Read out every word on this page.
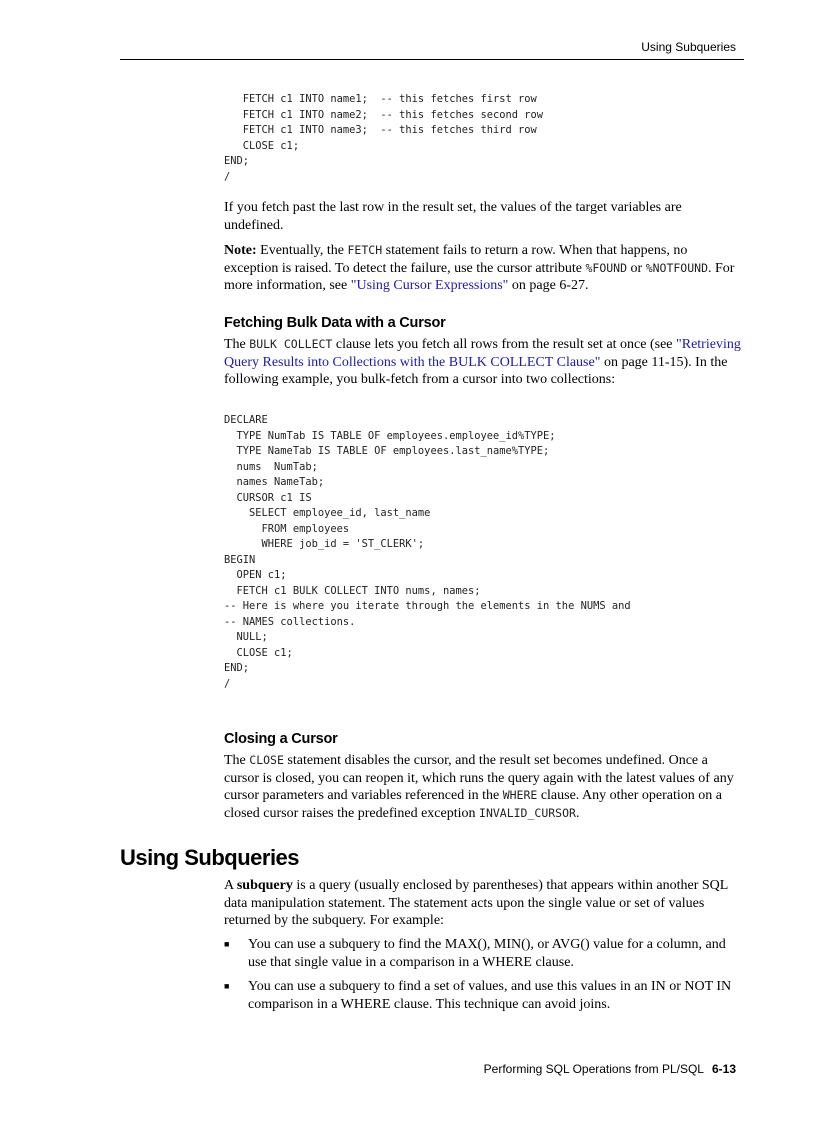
Using Subqueries
FETCH c1 INTO name1;  -- this fetches first row
FETCH c1 INTO name2;  -- this fetches second row
FETCH c1 INTO name3;  -- this fetches third row
CLOSE c1;
END;
/

If you fetch past the last row in the result set, the values of the target variables are undefined.

Note: Eventually, the FETCH statement fails to return a row. When that happens, no exception is raised. To detect the failure, use the cursor attribute %FOUND or %NOTFOUND. For more information, see "Using Cursor Expressions" on page 6-27.

Fetching Bulk Data with a Cursor

The BULK COLLECT clause lets you fetch all rows from the result set at once (see "Retrieving Query Results into Collections with the BULK COLLECT Clause" on page 11-15). In the following example, you bulk-fetch from a cursor into two collections:

DECLARE
TYPE NumTab IS TABLE OF employees.employee_id%TYPE;
TYPE NameTab IS TABLE OF employees.last_name%TYPE;
nums  NumTab;
names NameTab;
CURSOR c1 IS
SELECT employee_id, last_name
FROM employees
WHERE job_id = 'ST_CLERK';
BEGIN
OPEN c1;
FETCH c1 BULK COLLECT INTO nums, names;
-- Here is where you iterate through the elements in the NUMS and
-- NAMES collections.
NULL;
CLOSE c1;
END;
/
Closing a Cursor

The CLOSE statement disables the cursor, and the result set becomes undefined. Once a cursor is closed, you can reopen it, which runs the query again with the latest values of any cursor parameters and variables referenced in the WHERE clause. Any other operation on a closed cursor raises the predefined exception INVALID_CURSOR.

Using Subqueries

A subquery is a query (usually enclosed by parentheses) that appears within another SQL data manipulation statement. The statement acts upon the single value or set of values returned by the subquery. For example:

■ You can use a subquery to find the MAX(), MIN(), or AVG() value for a column, and use that single value in a comparison in a WHERE clause.
■ You can use a subquery to find a set of values, and use this values in an IN or NOT IN comparison in a WHERE clause. This technique can avoid joins.
Performing SQL Operations from PL/SQL 6-13
